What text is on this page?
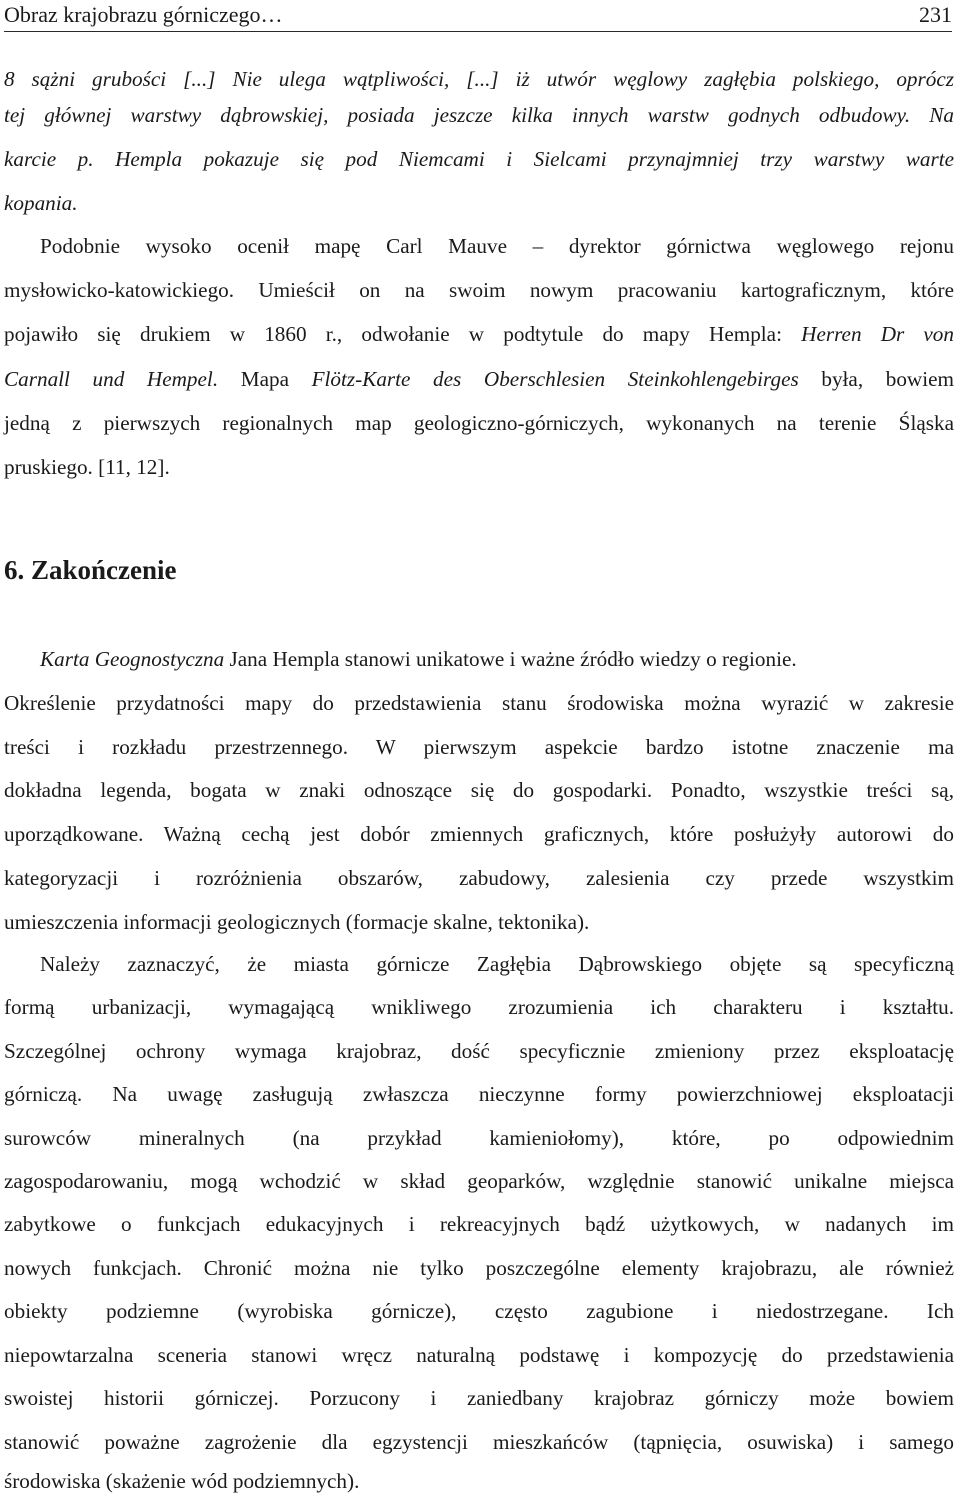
Obraz krajobrazu górniczego…	231
8 sążni grubości [...] Nie ulega wątpliwości, [...] iż utwór węglowy zagłębia polskiego, oprócz
tej głównej warstwy dąbrowskiej, posiada jeszcze kilka innych warstw godnych odbudowy. Na
karcie p. Hempla pokazuje się pod Niemcami i Sielcami przynajmniej trzy warstwy warte
kopania.
Podobnie wysoko ocenił mapę Carl Mauve – dyrektor górnictwa węglowego rejonu
mysłowicko-katowickiego. Umieścił on na swoim nowym pracowaniu kartograficznym, które
pojawiło się drukiem w 1860 r., odwołanie w podtytule do mapy Hempla: Herren Dr von
Carnall und Hempel. Mapa Flötz-Karte des Oberschlesien Steinkohlengebirges była, bowiem
jedną z pierwszych regionalnych map geologiczno-górniczych, wykonanych na terenie Śląska
pruskiego. [11, 12].
6. Zakończenie
Karta Geognostyczna Jana Hempla stanowi unikatowe i ważne źródło wiedzy o regionie.
Określenie przydatności mapy do przedstawienia stanu środowiska można wyrazić w zakresie
treści i rozkładu przestrzennego. W pierwszym aspekcie bardzo istotne znaczenie ma
dokładna legenda, bogata w znaki odnoszące się do gospodarki. Ponadto, wszystkie treści są,
uporządkowane. Ważną cechą jest dobór zmiennych graficznych, które posłużyły autorowi do
kategoryzacji i rozróżnienia obszarów, zabudowy, zalesienia czy przede wszystkim
umieszczenia informacji geologicznych (formacje skalne, tektonika).
Należy zaznaczyć, że miasta górnicze Zagłębia Dąbrowskiego objęte są specyficzną
formą urbanizacji, wymagającą wnikliwego zrozumienia ich charakteru i kształtu.
Szczególnej ochrony wymaga krajobraz, dość specyficznie zmieniony przez eksploatację
górniczą. Na uwagę zasługują zwłaszcza nieczynne formy powierzchniowej eksploatacji
surowców mineralnych (na przykład kamieniołomy), które, po odpowiednim
zagospodarowaniu, mogą wchodzić w skład geoparków, względnie stanowić unikalne miejsca
zabytkowe o funkcjach edukacyjnych i rekreacyjnych bądź użytkowych, w nadanych im
nowych funkcjach. Chronić można nie tylko poszczególne elementy krajobrazu, ale również
obiekty podziemne (wyrobiska górnicze), często zagubione i niedostrzegane. Ich
niepowtarzalna sceneria stanowi wręcz naturalną podstawę i kompozycję do przedstawienia
swoistej historii górniczej. Porzucony i zaniedbany krajobraz górniczy może bowiem
stanowić poważne zagrożenie dla egzystencji mieszkańców (tąpnięcia, osuwiska) i samego
środowiska (skażenie wód podziemnych).
